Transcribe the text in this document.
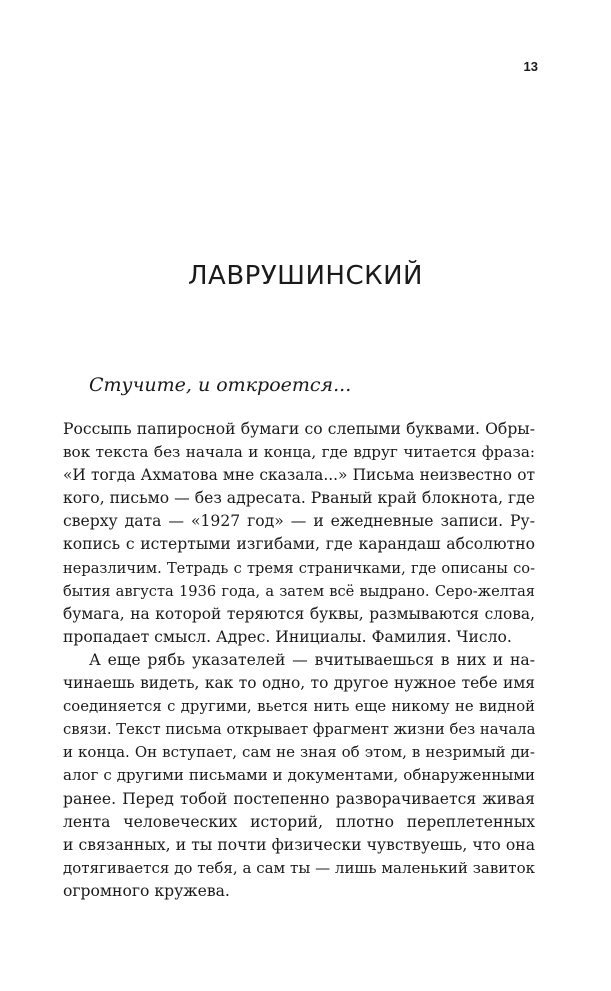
13
ЛАВРУШИНСКИЙ
Стучите, и откроется...
Россыпь папиросной бумаги со слепыми буквами. Обры-
вок текста без начала и конца, где вдруг читается фраза:
«И тогда Ахматова мне сказала...» Письма неизвестно от
кого, письмо — без адресата. Рваный край блокнота, где
сверху дата — «1927 год» — и ежедневные записи. Ру-
копись с истертыми изгибами, где карандаш абсолютно
неразличим. Тетрадь с тремя страничками, где описаны со-
бытия августа 1936 года, а затем всё выдрано. Серо-желтая
бумага, на которой теряются буквы, размываются слова,
пропадает смысл. Адрес. Инициалы. Фамилия. Число.
А еще рябь указателей — вчитываешься в них и на-
чинаешь видеть, как то одно, то другое нужное тебе имя
соединяется с другими, вьется нить еще никому не видной
связи. Текст письма открывает фрагмент жизни без начала
и конца. Он вступает, сам не зная об этом, в незримый ди-
алог с другими письмами и документами, обнаруженными
ранее. Перед тобой постепенно разворачивается живая
лента человеческих историй, плотно переплетенных
и связанных, и ты почти физически чувствуешь, что она
дотягивается до тебя, а сам ты — лишь маленький завиток
огромного кружева.
